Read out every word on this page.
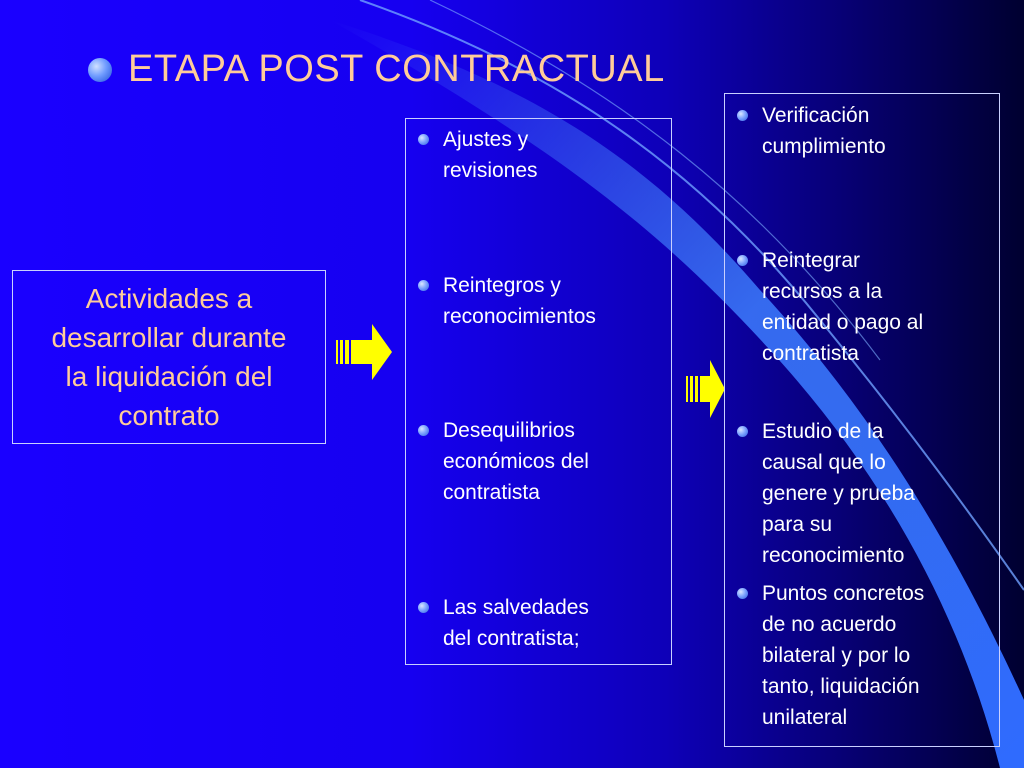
ETAPA POST CONTRACTUAL
Actividades a
desarrollar durante
la liquidación del
contrato
Ajustes y
revisiones
Reintegros y
reconocimientos
Desequilibrios
económicos del
contratista
Las salvedades
del contratista;
Verificación
cumplimiento
Reintegrar
recursos a la
entidad o pago al
contratista
Estudio de la
causal que lo
genere y prueba
para su
reconocimiento
Puntos concretos
de no acuerdo
bilateral y por lo
tanto, liquidación
unilateral
